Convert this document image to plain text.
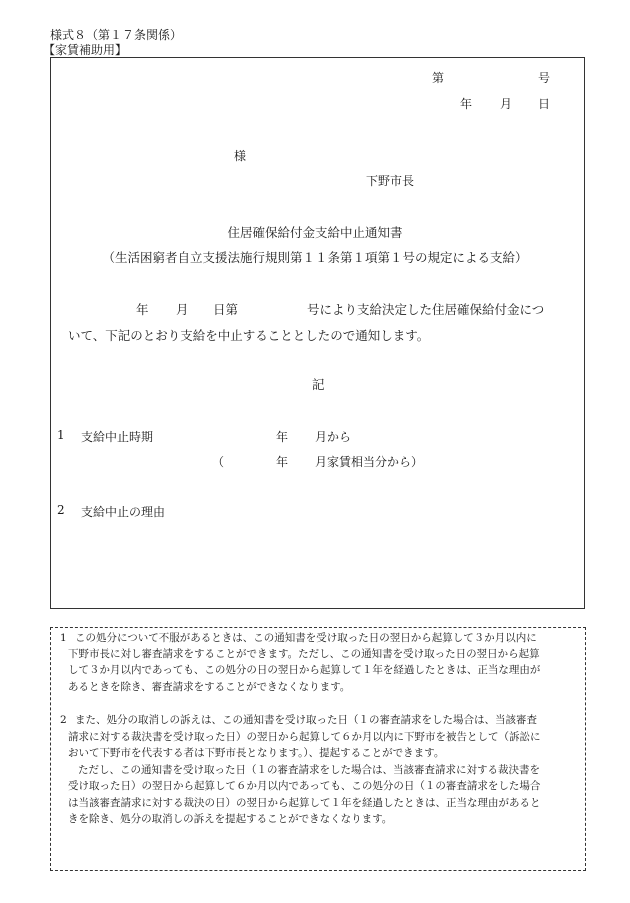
様式８（第１７条関係）
【家賃補助用】
第	号
年 月 日
様
下野市長
住居確保給付金支給中止通知書
（生活困窮者自立支援法施行規則第１１条第１項第１号の規定による支給）
年 月 日第	号により支給決定した住居確保給付金につ
いて、下記のとおり支給を中止することとしたので通知します。
記
1 支給中止時期	年 月から
（	年 月家賃相当分から）
2 支給中止の理由
1 この処分について不服があるときは、この通知書を受け取った日の翌日から起算して３か月以内に
下野市長に対し審査請求をすることができます。ただし、この通知書を受け取った日の翌日から起算
して３か月以内であっても、この処分の日の翌日から起算して１年を経過したときは、正当な理由が
あるときを除き、審査請求をすることができなくなります。
2 また、処分の取消しの訴えは、この通知書を受け取った日（１の審査請求をした場合は、当該審査
請求に対する裁決書を受け取った日）の翌日から起算して６か月以内に下野市を被告として（訴訟に
おいて下野市を代表する者は下野市長となります。）、提起することができます。
ただし、この通知書を受け取った日（１の審査請求をした場合は、当該審査請求に対する裁決書を
受け取った日）の翌日から起算して６か月以内であっても、この処分の日（１の審査請求をした場合
は当該審査請求に対する裁決の日）の翌日から起算して１年を経過したときは、正当な理由があると
きを除き、処分の取消しの訴えを提起することができなくなります。
